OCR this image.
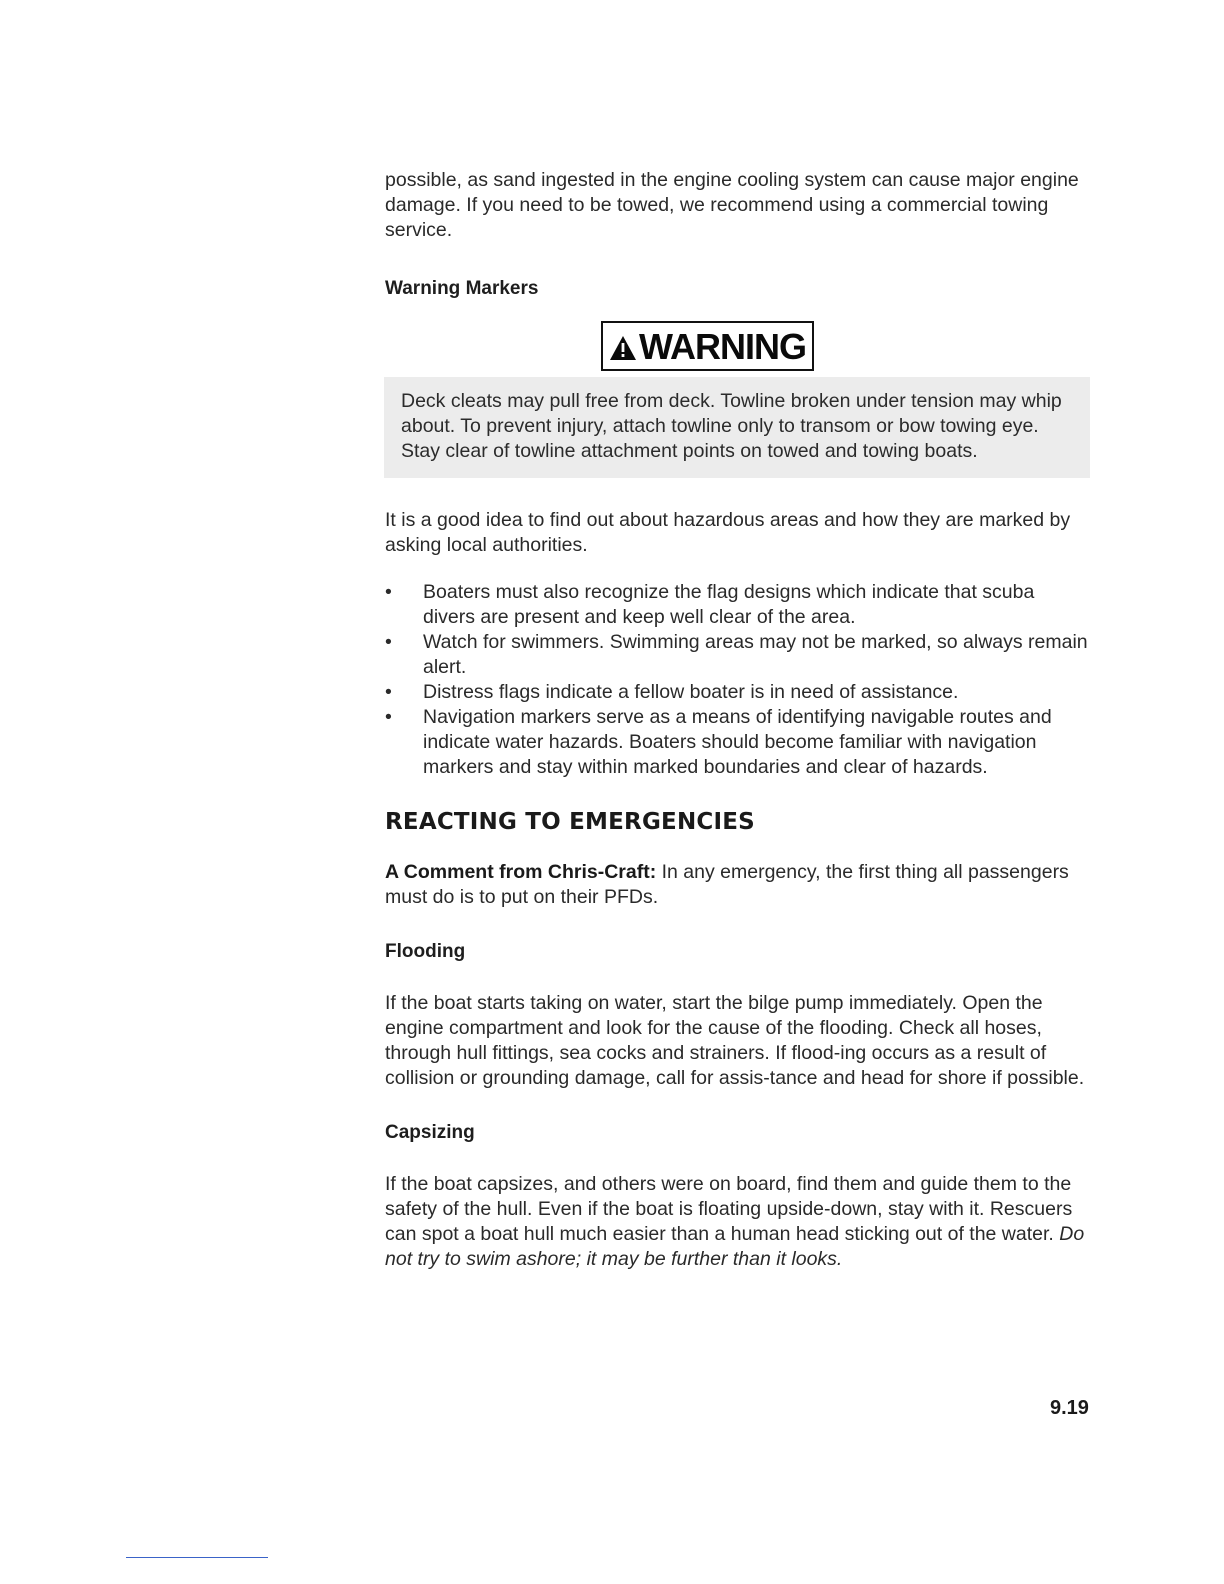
possible, as sand ingested in the engine cooling system can cause major engine damage. If you need to be towed, we recommend using a commercial towing service.

Warning Markers
WARNING

Deck cleats may pull free from deck. Towline broken under tension may whip about. To prevent injury, attach towline only to transom or bow towing eye. Stay clear of towline attachment points on towed and towing boats.

It is a good idea to find out about hazardous areas and how they are marked by asking local authorities.

• Boaters must also recognize the flag designs which indicate that scuba divers are present and keep well clear of the area.
• Watch for swimmers. Swimming areas may not be marked, so always remain alert.
• Distress flags indicate a fellow boater is in need of assistance.
• Navigation markers serve as a means of identifying navigable routes and indicate water hazards. Boaters should become familiar with navigation markers and stay within marked boundaries and clear of hazards.
REACTING TO EMERGENCIES

A Comment from Chris-Craft: In any emergency, the first thing all passengers must do is to put on their PFDs.

Flooding

If the boat starts taking on water, start the bilge pump immediately. Open the engine compartment and look for the cause of the flooding. Check all hoses, through hull fittings, sea cocks and strainers. If flood-ing occurs as a result of collision or grounding damage, call for assis-tance and head for shore if possible.

Capsizing

If the boat capsizes, and others were on board, find them and guide them to the safety of the hull. Even if the boat is floating upside-down, stay with it. Rescuers can spot a boat hull much easier than a human head sticking out of the water. Do not try to swim ashore; it may be further than it looks.

9.19
